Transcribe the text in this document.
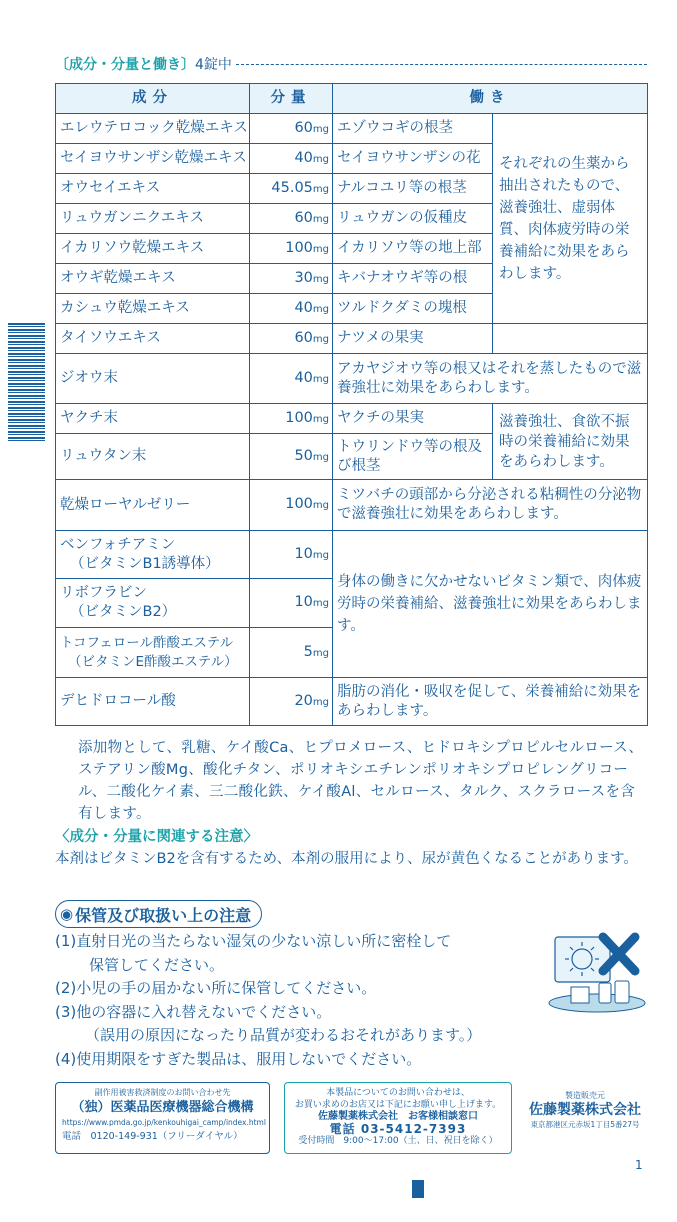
〔成分・分量と働き〕 4錠中
成分	分量	働き	
エレウテロコック乾燥エキス	60mg	エゾウコギの根茎	それぞれの生薬から抽出されたもので、滋養強壮、虚弱体質、肉体疲労時の栄養補給に効果をあらわします。
セイヨウサンザシ乾燥エキス	40mg	セイヨウサンザシの花	
オウセイエキス	45.05mg	ナルコユリ等の根茎	
リュウガンニクエキス	60mg	リュウガンの仮種皮	
イカリソウ乾燥エキス	100mg	イカリソウ等の地上部	
オウギ乾燥エキス	30mg	キバナオウギ等の根	
カシュウ乾燥エキス	40mg	ツルドクダミの塊根	
タイソウエキス	60mg	ナツメの果実	
ジオウ末	40mg	アカヤジオウ等の根又はそれを蒸したもので滋養強壮に効果をあらわします。	
ヤクチ末	100mg	ヤクチの果実	滋養強壮、食欲不振時の栄養補給に効果をあらわします。
リュウタン末	50mg	トウリンドウ等の根及び根茎	
乾燥ローヤルゼリー	100mg	ミツバチの頭部から分泌される粘稠性の分泌物で滋養強壮に効果をあらわします。	

ベンフォチアミン
（ビタミンB1誘導体）	10mg	身体の働きに欠かせないビタミン類で、肉体疲労時の栄養補給、滋養強壮に効果をあらわします。	

リボフラビン
（ビタミンB2）	10mg		

トコフェロール酢酸エステル
（ビタミンE酢酸エステル）	5mg		
デヒドロコール酸	20mg	脂肪の消化・吸収を促して、栄養補給に効果をあらわします。	
添加物として、乳糖、ケイ酸Ca、ヒプロメロース、ヒドロキシプロピルセルロース、ステアリン酸Mg、酸化チタン、ポリオキシエチレンポリオキシプロピレングリコール、二酸化ケイ素、三二酸化鉄、ケイ酸Al、セルロース、タルク、スクラロースを含有します。
〈成分・分量に関連する注意〉
本剤はビタミンB2を含有するため、本剤の服用により、尿が黄色くなることがあります。
◉ 保管及び取扱い上の注意
(1)直射日光の当たらない湿気の少ない涼しい所に密栓して
保管してください。
(2)小児の手の届かない所に保管してください。
(3)他の容器に入れ替えないでください。
（誤用の原因になったり品質が変わるおそれがあります。）
(4)使用期限をすぎた製品は、服用しないでください。
副作用被害救済制度のお問い合わせ先
（独）医薬品医療機器総合機構
https://www.pmda.go.jp/kenkouhigai_camp/index.html
電話　0120-149-931（フリーダイヤル）
本製品についてのお問い合わせは、
お買い求めのお店又は下記にお願い申し上げます。
佐藤製薬株式会社　お客様相談窓口
電話 03-5412-7393
受付時間　9:00～17:00（土、日、祝日を除く）
製造販売元
佐藤製薬株式会社
東京都港区元赤坂1丁目5番27号
1
